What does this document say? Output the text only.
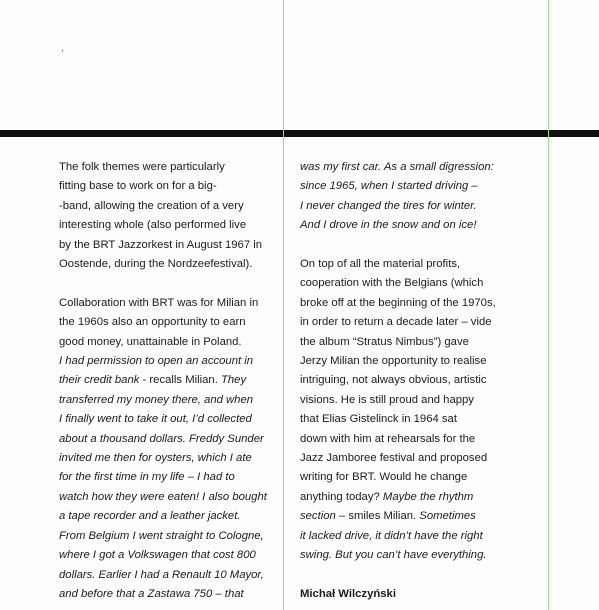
,
The folk themes were particularly
fitting base to work on for a big-
-band, allowing the creation of a very
interesting whole (also performed live
by the BRT Jazzorkest in August 1967 in
Oostende, during the Nordzeefestival).
Collaboration with BRT was for Milian in
the 1960s also an opportunity to earn
good money, unattainable in Poland.
I had permission to open an account in
their credit bank - recalls Milian. They
transferred my money there, and when
I finally went to take it out, I’d collected
about a thousand dollars. Freddy Sunder
invited me then for oysters, which I ate
for the first time in my life – I had to
watch how they were eaten! I also bought
a tape recorder and a leather jacket.
From Belgium I went straight to Cologne,
where I got a Volkswagen that cost 800
dollars. Earlier I had a Renault 10 Mayor,
and before that a Zastawa 750 – that
was my first car. As a small digression:
since 1965, when I started driving –
I never changed the tires for winter.
And I drove in the snow and on ice!
On top of all the material profits,
cooperation with the Belgians (which
broke off at the beginning of the 1970s,
in order to return a decade later – vide
the album “Stratus Nimbus”) gave
Jerzy Milian the opportunity to realise
intriguing, not always obvious, artistic
visions. He is still proud and happy
that Elias Gistelinck in 1964 sat
down with him at rehearsals for the
Jazz Jamboree festival and proposed
writing for BRT. Would he change
anything today? Maybe the rhythm
section – smiles Milian. Sometimes
it lacked drive, it didn’t have the right
swing. But you can’t have everything.
Michał Wilczyński
